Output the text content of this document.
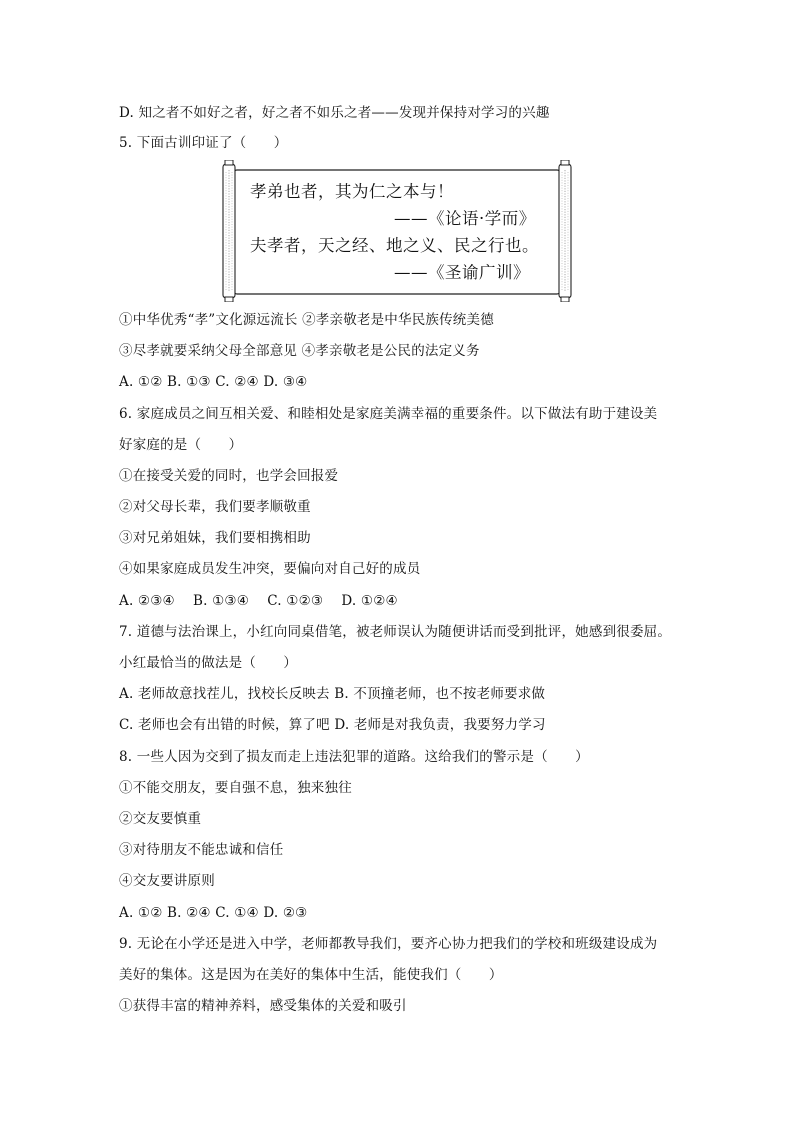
D. 知之者不如好之者，好之者不如乐之者——发现并保持对学习的兴趣
5. 下面古训印证了（　　）
孝弟也者，其为仁之本与！
——《论语·学而》
夫孝者，天之经、地之义、民之行也。
——《圣谕广训》
①中华优秀“孝”文化源远流长 ②孝亲敬老是中华民族传统美德
③尽孝就要采纳父母全部意见 ④孝亲敬老是公民的法定义务
A. ①② B. ①③ C. ②④ D. ③④
6. 家庭成员之间互相关爱、和睦相处是家庭美满幸福的重要条件。以下做法有助于建设美
好家庭的是（　　）
①在接受关爱的同时，也学会回报爱
②对父母长辈，我们要孝顺敬重
③对兄弟姐妹，我们要相携相助
④如果家庭成员发生冲突，要偏向对自己好的成员
A. ②③④　 B. ①③④　 C. ①②③　 D. ①②④
7. 道德与法治课上，小红向同桌借笔，被老师误认为随便讲话而受到批评，她感到很委屈。
小红最恰当的做法是（　　）
A. 老师故意找茬儿，找校长反映去 B. 不顶撞老师，也不按老师要求做
C. 老师也会有出错的时候，算了吧 D. 老师是对我负责，我要努力学习
8. 一些人因为交到了损友而走上违法犯罪的道路。这给我们的警示是（　　）
①不能交朋友，要自强不息，独来独往
②交友要慎重
③对待朋友不能忠诚和信任
④交友要讲原则
A. ①② B. ②④ C. ①④ D. ②③
9. 无论在小学还是进入中学，老师都教导我们，要齐心协力把我们的学校和班级建设成为
美好的集体。这是因为在美好的集体中生活，能使我们（　　）
①获得丰富的精神养料，感受集体的关爱和吸引
